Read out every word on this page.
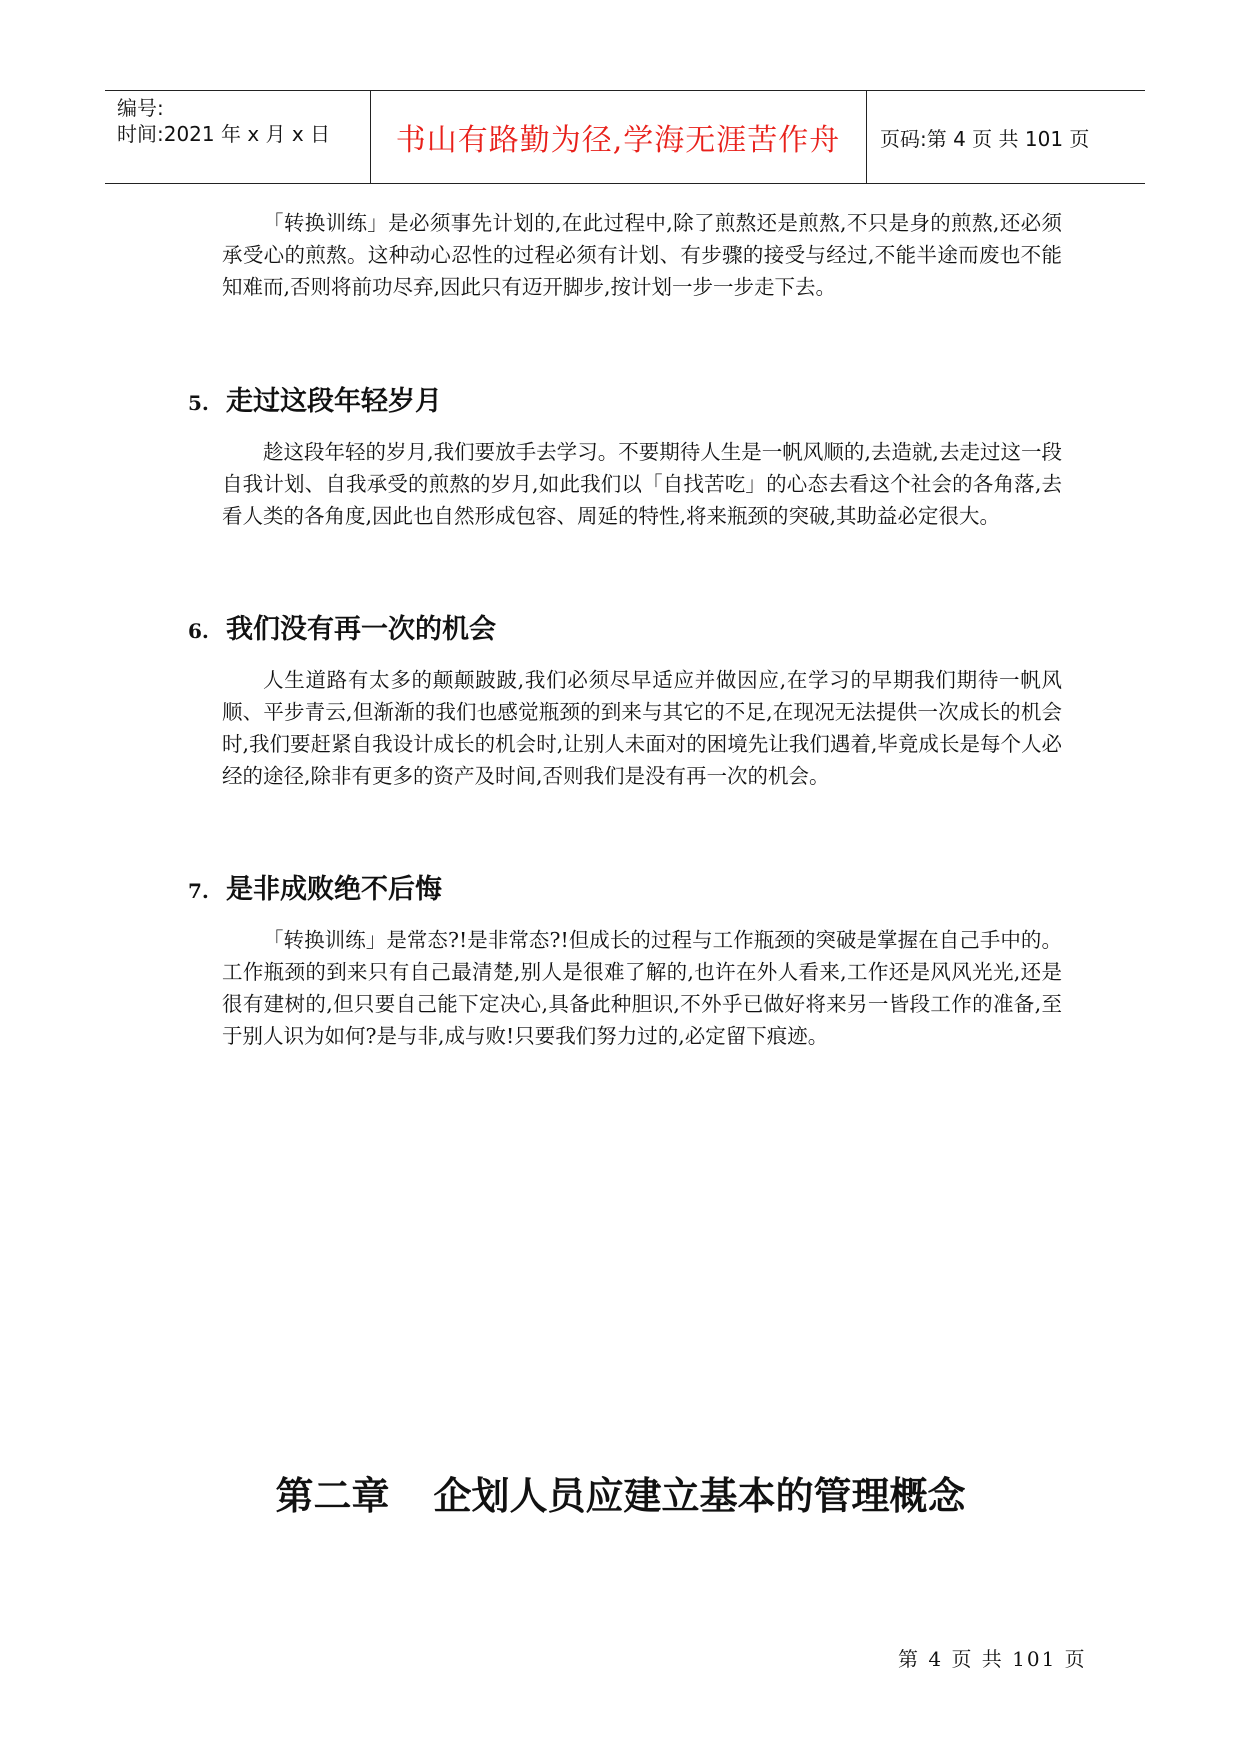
编号:
时间:2021 年 x 月 x 日 书山有路勤为径,学海无涯苦作舟 页码:第 4 页 共 101 页

「转换训练」是必须事先计划的,在此过程中,除了煎熬还是煎熬,不只是身的煎熬,还必须承受心的煎熬。这种动心忍性的过程必须有计划、有步骤的接受与经过,不能半途而废也不能知难而,否则将前功尽弃,因此只有迈开脚步,按计划一步一步走下去。

5. 走过这段年轻岁月

趁这段年轻的岁月,我们要放手去学习。不要期待人生是一帆风顺的,去造就,去走过这一段自我计划、自我承受的煎熬的岁月,如此我们以「自找苦吃」的心态去看这个社会的各角落,去看人类的各角度,因此也自然形成包容、周延的特性,将来瓶颈的突破,其助益必定很大。

6. 我们没有再一次的机会

人生道路有太多的颠颠跛跛,我们必须尽早适应并做因应,在学习的早期我们期待一帆风顺、平步青云,但渐渐的我们也感觉瓶颈的到来与其它的不足,在现况无法提供一次成长的机会时,我们要赶紧自我设计成长的机会时,让别人未面对的困境先让我们遇着,毕竟成长是每个人必经的途径,除非有更多的资产及时间,否则我们是没有再一次的机会。

7. 是非成败绝不后悔

「转换训练」是常态?!是非常态?!但成长的过程与工作瓶颈的突破是掌握在自己手中的。工作瓶颈的到来只有自己最清楚,别人是很难了解的,也许在外人看来,工作还是风风光光,还是很有建树的,但只要自己能下定决心,具备此种胆识,不外乎已做好将来另一皆段工作的准备,至于别人识为如何?是与非,成与败!只要我们努力过的,必定留下痕迹。

第二章 企划人员应建立基本的管理概念
第 4 页 共 101 页
